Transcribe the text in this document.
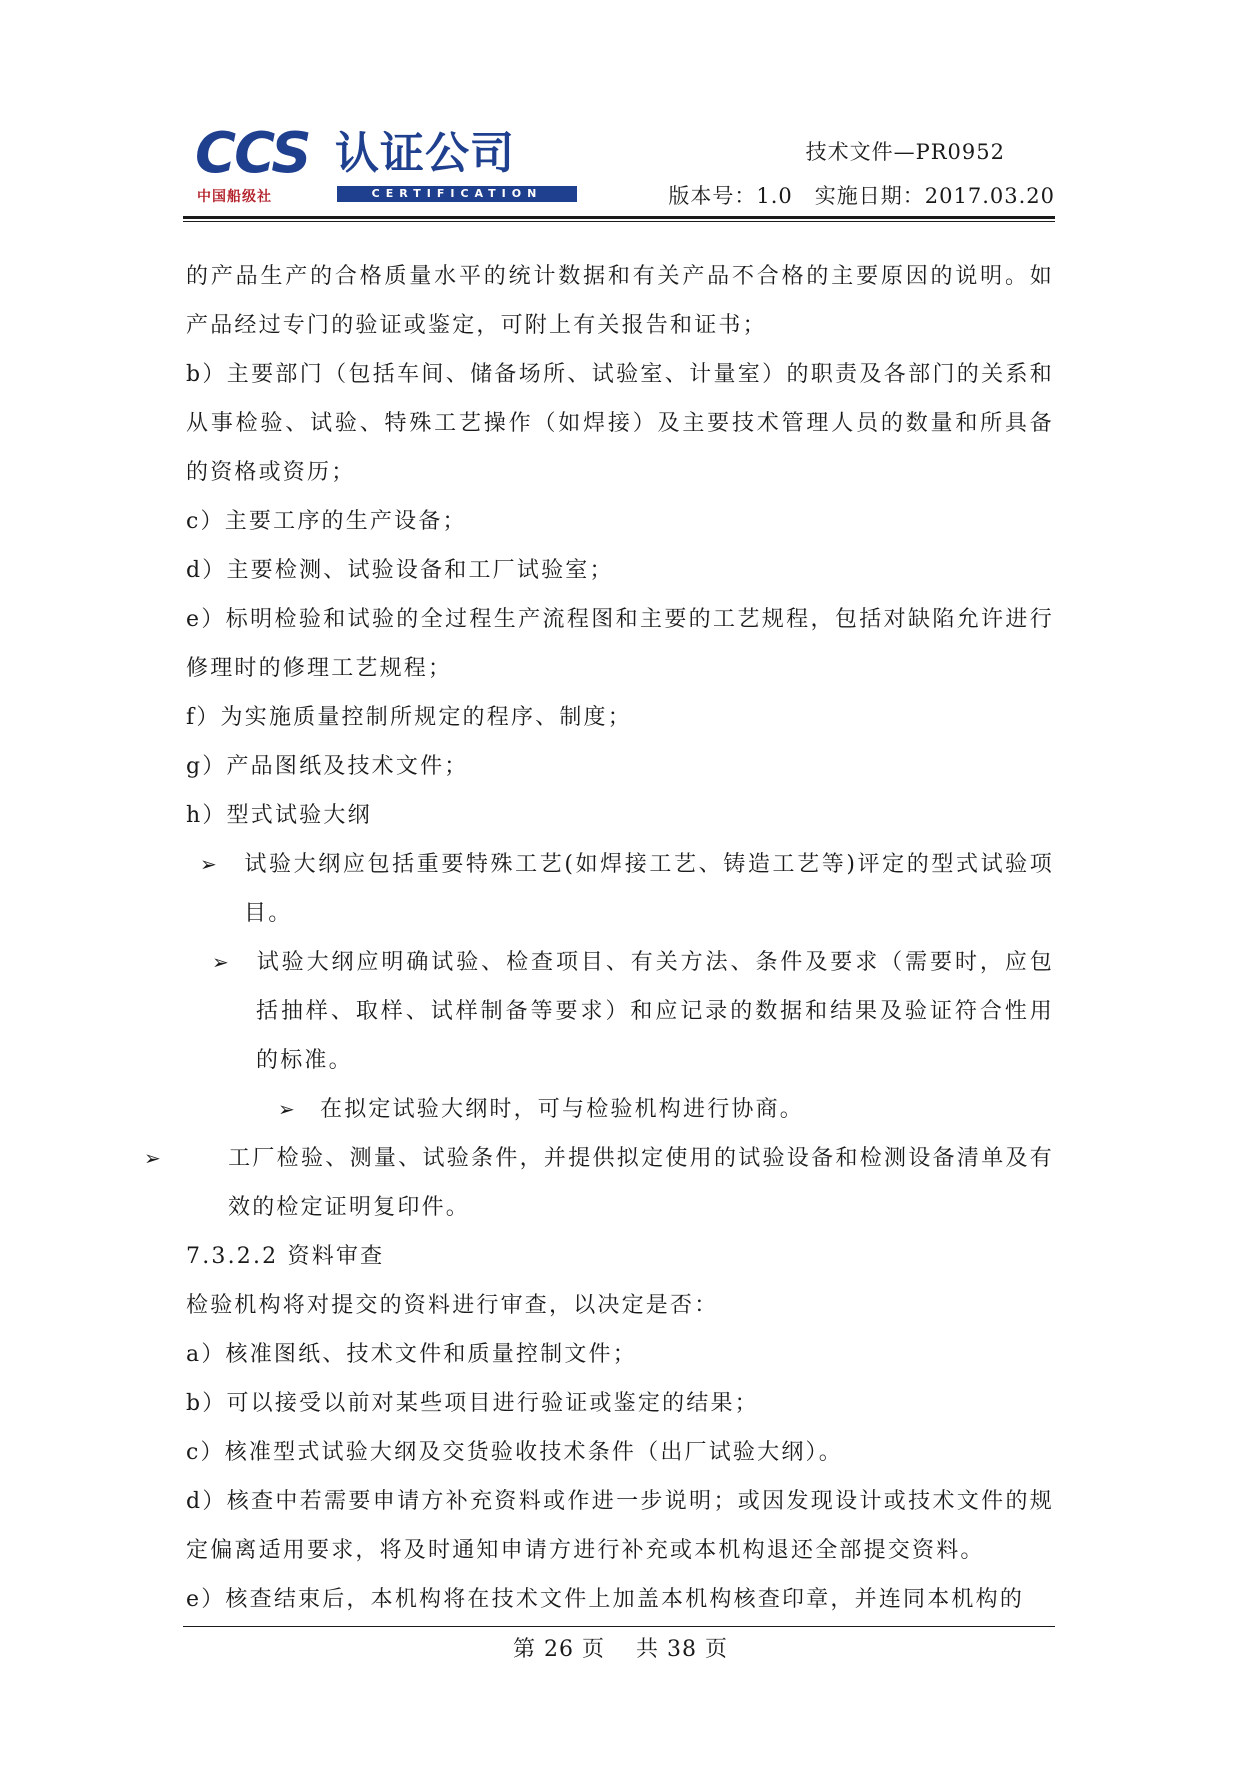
CCS 认证公司
中国船级社	CERTIFICATION
技术文件—PR0952
版本号：1.0　实施日期：2017.03.20

的产品生产的合格质量水平的统计数据和有关产品不合格的主要原因的说明。如产品经过专门的验证或鉴定，可附上有关报告和证书；

b）主要部门（包括车间、储备场所、试验室、计量室）的职责及各部门的关系和从事检验、试验、特殊工艺操作（如焊接）及主要技术管理人员的数量和所具备的资格或资历；

c）主要工序的生产设备；

d）主要检测、试验设备和工厂试验室；

e）标明检验和试验的全过程生产流程图和主要的工艺规程，包括对缺陷允许进行修理时的修理工艺规程；

f）为实施质量控制所规定的程序、制度；

g）产品图纸及技术文件；

h）型式试验大纲

➢ 试验大纲应包括重要特殊工艺(如焊接工艺、铸造工艺等)评定的型式试验项目。

➢ 试验大纲应明确试验、检查项目、有关方法、条件及要求（需要时，应包括抽样、取样、试样制备等要求）和应记录的数据和结果及验证符合性用的标准。

➢ 在拟定试验大纲时，可与检验机构进行协商。

➢	工厂检验、测量、试验条件，并提供拟定使用的试验设备和检测设备清单及有效的检定证明复印件。

7.3.2.2 资料审查

检验机构将对提交的资料进行审查，以决定是否：

a）核准图纸、技术文件和质量控制文件；

b）可以接受以前对某些项目进行验证或鉴定的结果；

c）核准型式试验大纲及交货验收技术条件（出厂试验大纲）。

d）核查中若需要申请方补充资料或作进一步说明；或因发现设计或技术文件的规定偏离适用要求，将及时通知申请方进行补充或本机构退还全部提交资料。

e）核查结束后，本机构将在技术文件上加盖本机构核查印章，并连同本机构的

第 26 页　 共 38 页
